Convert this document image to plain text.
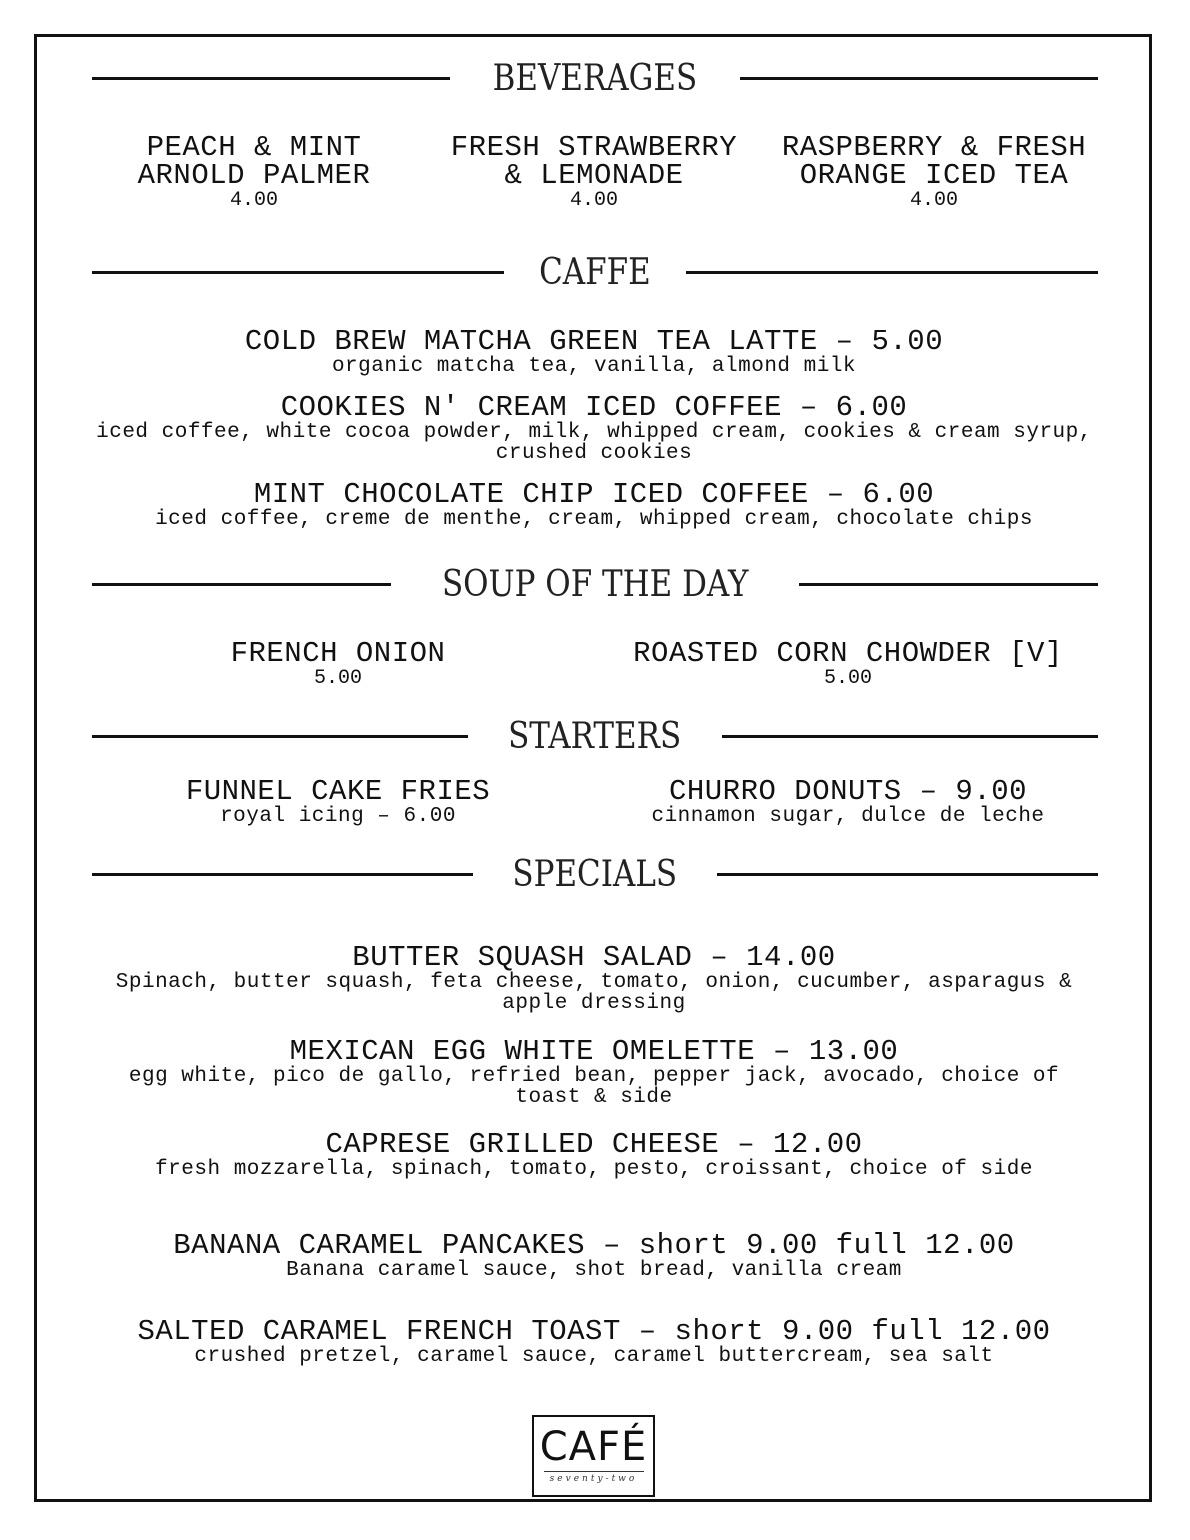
BEVERAGES
PEACH & MINT
ARNOLD PALMER
4.00
FRESH STRAWBERRY
& LEMONADE
4.00
RASPBERRY & FRESH
ORANGE ICED TEA
4.00
CAFFE
COLD BREW MATCHA GREEN TEA LATTE – 5.00
organic matcha tea, vanilla, almond milk
COOKIES N' CREAM ICED COFFEE – 6.00
iced coffee, white cocoa powder, milk, whipped cream, cookies & cream syrup, crushed cookies
MINT CHOCOLATE CHIP ICED COFFEE – 6.00
iced coffee, creme de menthe, cream, whipped cream, chocolate chips
SOUP OF THE DAY
FRENCH ONION
5.00
ROASTED CORN CHOWDER [V]
5.00
STARTERS
FUNNEL CAKE FRIES
royal icing – 6.00
CHURRO DONUTS – 9.00
cinnamon sugar, dulce de leche
SPECIALS
BUTTER SQUASH SALAD – 14.00
Spinach, butter squash, feta cheese, tomato, onion, cucumber, asparagus & apple dressing
MEXICAN EGG WHITE OMELETTE – 13.00
egg white, pico de gallo, refried bean, pepper jack, avocado, choice of toast & side
CAPRESE GRILLED CHEESE – 12.00
fresh mozzarella, spinach, tomato, pesto, croissant, choice of side
BANANA CARAMEL PANCAKES – short 9.00 full 12.00
Banana caramel sauce, shot bread, vanilla cream
SALTED CARAMEL FRENCH TOAST – short 9.00 full 12.00
crushed pretzel, caramel sauce, caramel buttercream, sea salt
CAFÉ
seventy-two
